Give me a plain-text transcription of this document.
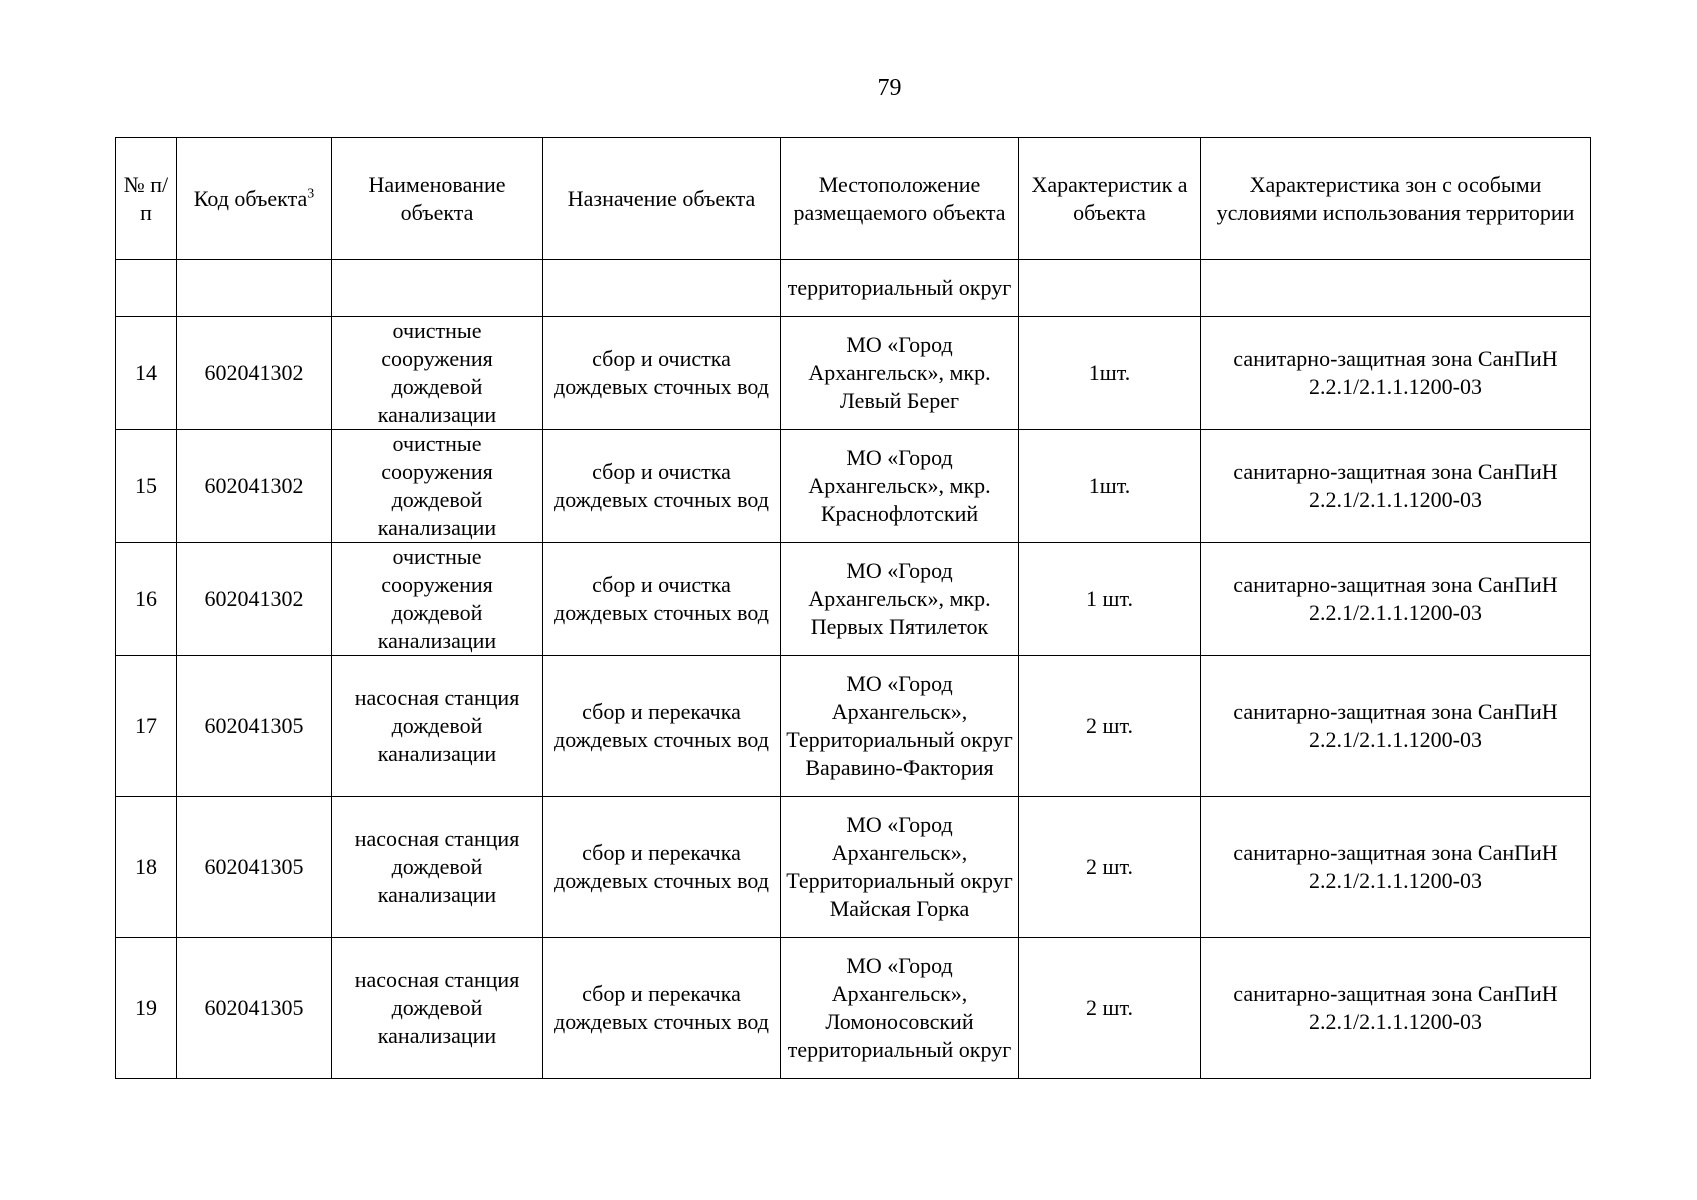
79
№ п/п	Код объекта$^3$	Наименование объекта	Назначение объекта	Местоположение размещаемого объекта	Характеристик а объекта	Характеристика зон с особыми условиями использования территории
				территориальный округ		
14	602041302	очистные сооружения дождевой канализации	сбор и очистка дождевых сточных вод	МО «Город Архангельск», мкр. Левый Берег	1шт.	санитарно-защитная зона СанПиН 2.2.1/2.1.1.1200-03
15	602041302	очистные сооружения дождевой канализации	сбор и очистка дождевых сточных вод	МО «Город Архангельск», мкр. Краснофлотский	1шт.	санитарно-защитная зона СанПиН 2.2.1/2.1.1.1200-03
16	602041302	очистные сооружения дождевой канализации	сбор и очистка дождевых сточных вод	МО «Город Архангельск», мкр. Первых Пятилеток	1 шт.	санитарно-защитная зона СанПиН 2.2.1/2.1.1.1200-03
17	602041305	насосная станция дождевой канализации	сбор и перекачка дождевых сточных вод	МО «Город Архангельск», Территориальный округ Варавино-Фактория	2 шт.	санитарно-защитная зона СанПиН 2.2.1/2.1.1.1200-03
18	602041305	насосная станция дождевой канализации	сбор и перекачка дождевых сточных вод	МО «Город Архангельск», Территориальный округ Майская Горка	2 шт.	санитарно-защитная зона СанПиН 2.2.1/2.1.1.1200-03
19	602041305	насосная станция дождевой канализации	сбор и перекачка дождевых сточных вод	МО «Город Архангельск», Ломоносовский территориальный округ	2 шт.	санитарно-защитная зона СанПиН 2.2.1/2.1.1.1200-03
